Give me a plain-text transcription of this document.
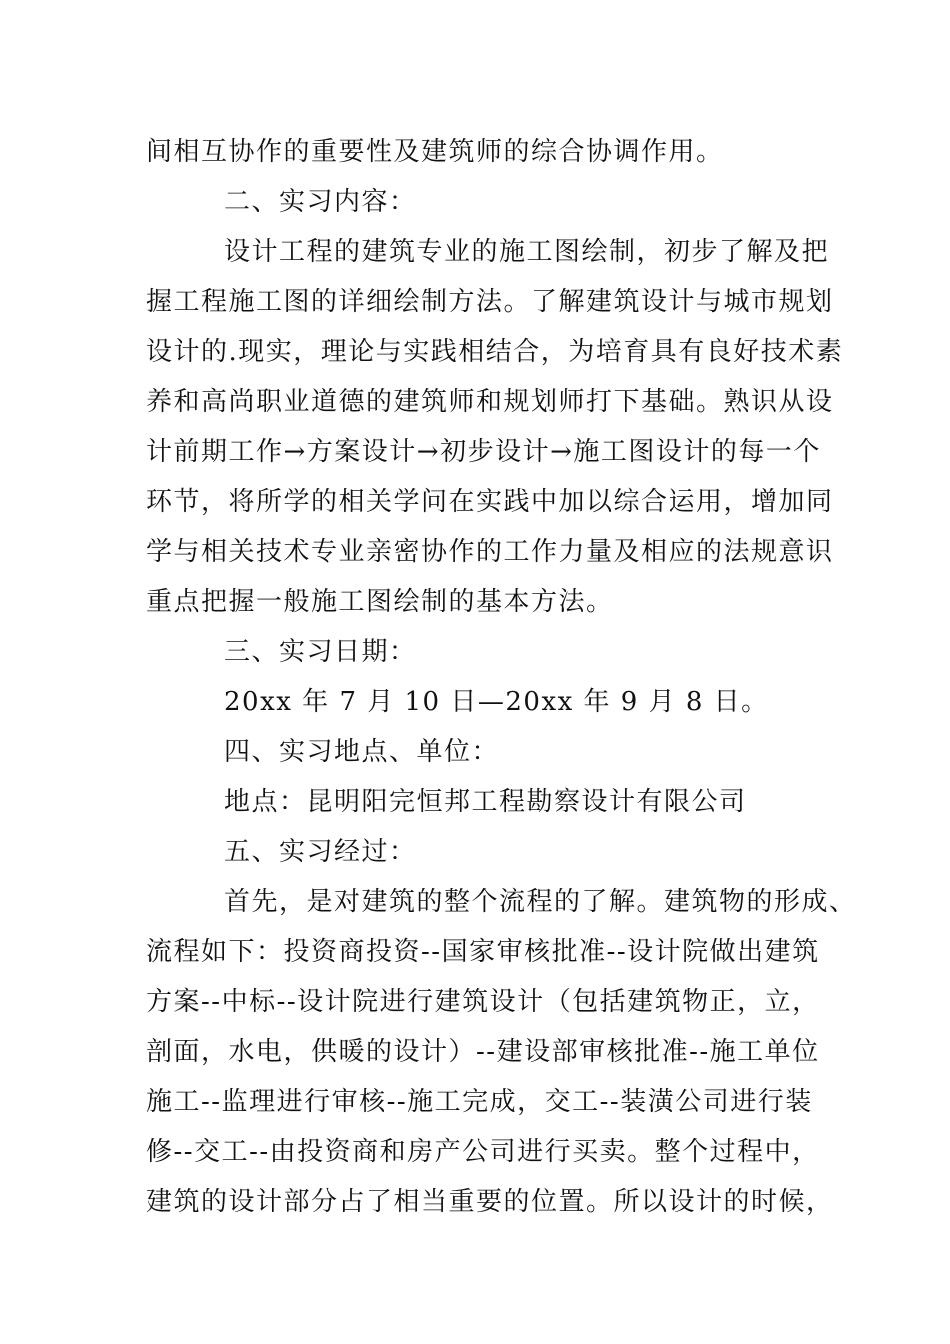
间相互协作的重要性及建筑师的综合协调作用。
二、实习内容：
设计工程的建筑专业的施工图绘制，初步了解及把
握工程施工图的详细绘制方法。了解建筑设计与城市规划
设计的.现实，理论与实践相结合，为培育具有良好技术素
养和高尚职业道德的建筑师和规划师打下基础。熟识从设
计前期工作→方案设计→初步设计→施工图设计的每一个
环节，将所学的相关学问在实践中加以综合运用，增加同
学与相关技术专业亲密协作的工作力量及相应的法规意识
重点把握一般施工图绘制的基本方法。
三、实习日期：
20xx 年 7 月 10 日—20xx 年 9 月 8 日。
四、实习地点、单位：
地点：昆明阳完恒邦工程勘察设计有限公司
五、实习经过：
首先，是对建筑的整个流程的了解。建筑物的形成、
流程如下：投资商投资--国家审核批准--设计院做出建筑
方案--中标--设计院进行建筑设计（包括建筑物正，立，
剖面，水电，供暖的设计）--建设部审核批准--施工单位
施工--监理进行审核--施工完成，交工--装潢公司进行装
修--交工--由投资商和房产公司进行买卖。整个过程中，
建筑的设计部分占了相当重要的位置。所以设计的时候，
